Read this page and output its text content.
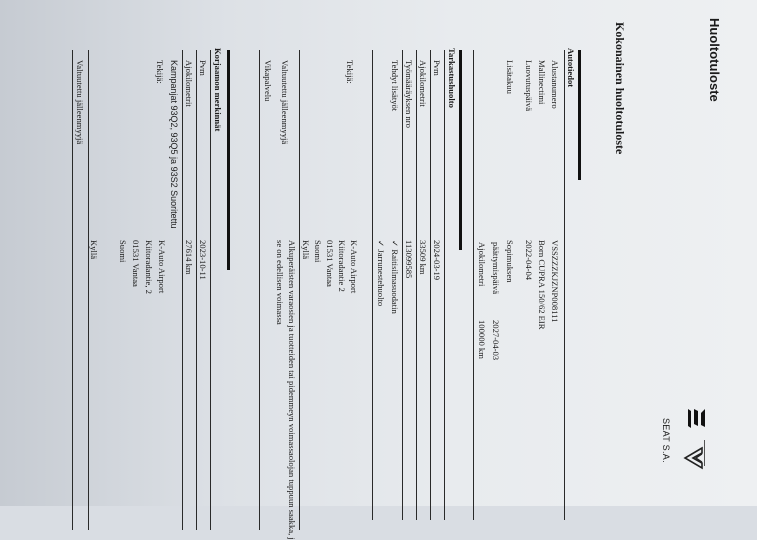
Huoltotuloste
SEAT S.A.
Kokonainen huoltotuloste
Autotiedot
Alustanumero
Mallinectimi
Luovutuspäivä
Lisätakuu
VSSZZZKJZNP008111
Born CUPRA 150/62 EIR
2022-04-04
Sopimuksen
päättymispäivä
Ajokilometri
2027-04-03
100000 km
Tarkastushuolto
Pvm
Ajokilometrit
Työmääräyksen nro
Tehdyt lisätyöt
2024-03-19
33509 km
113099585
✓ Raitisilmasuodatin
✓ Jarrunestehuolto
Tekijä:
K-Auto Airport
Kiitoradantie 2
01531 Vantaa
Suomi
Kyllä
Valtuutettu jälleenmyyjä
Alkuperäisten varaosien ja tuotteiden tai pidemmeyn voimassaolojan tuppuun saakka, j
se on edellisen voimassa
Vikapalvelu
Korjaamon merkinnät
Pvm
2023-10-11
Ajokilometrit
27614 km
Kampanjat 93Q2, 93Q5 ja 93S2 Suoritettu
Tekijä:
K-Auto Airport
Kiitoradantie, 2
01531 Vantaa
Suomi
Kyllä
Valtuutettu jälleenmyyjä
